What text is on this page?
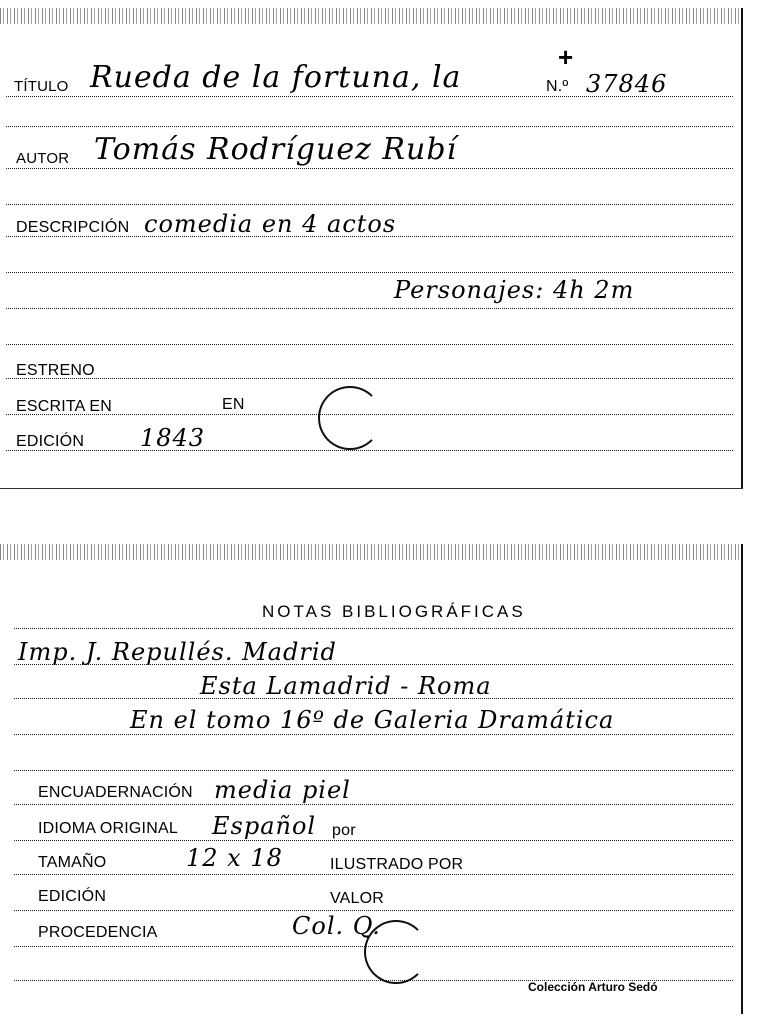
TÍTULO Rueda de la fortuna, la
+
N.º 37846
AUTOR Tomás Rodríguez Rubí
DESCRIPCIÓN comedia en 4 actos
Personajes: 4h 2m
ESTRENO
ESCRITA EN	EN
EDICIÓN 1843
NOTAS BIBLIOGRÁFICAS
Imp. J. Repullés. Madrid
Esta Lamadrid - Roma
En el tomo 16º de Galeria Dramática
ENCUADERNACIÓN media piel
IDIOMA ORIGINAL Español por
TAMAÑO	12 x 18	ILUSTRADO POR
EDICIÓN	VALOR
PROCEDENCIA	Col. Q.
Colección Arturo Sedó
